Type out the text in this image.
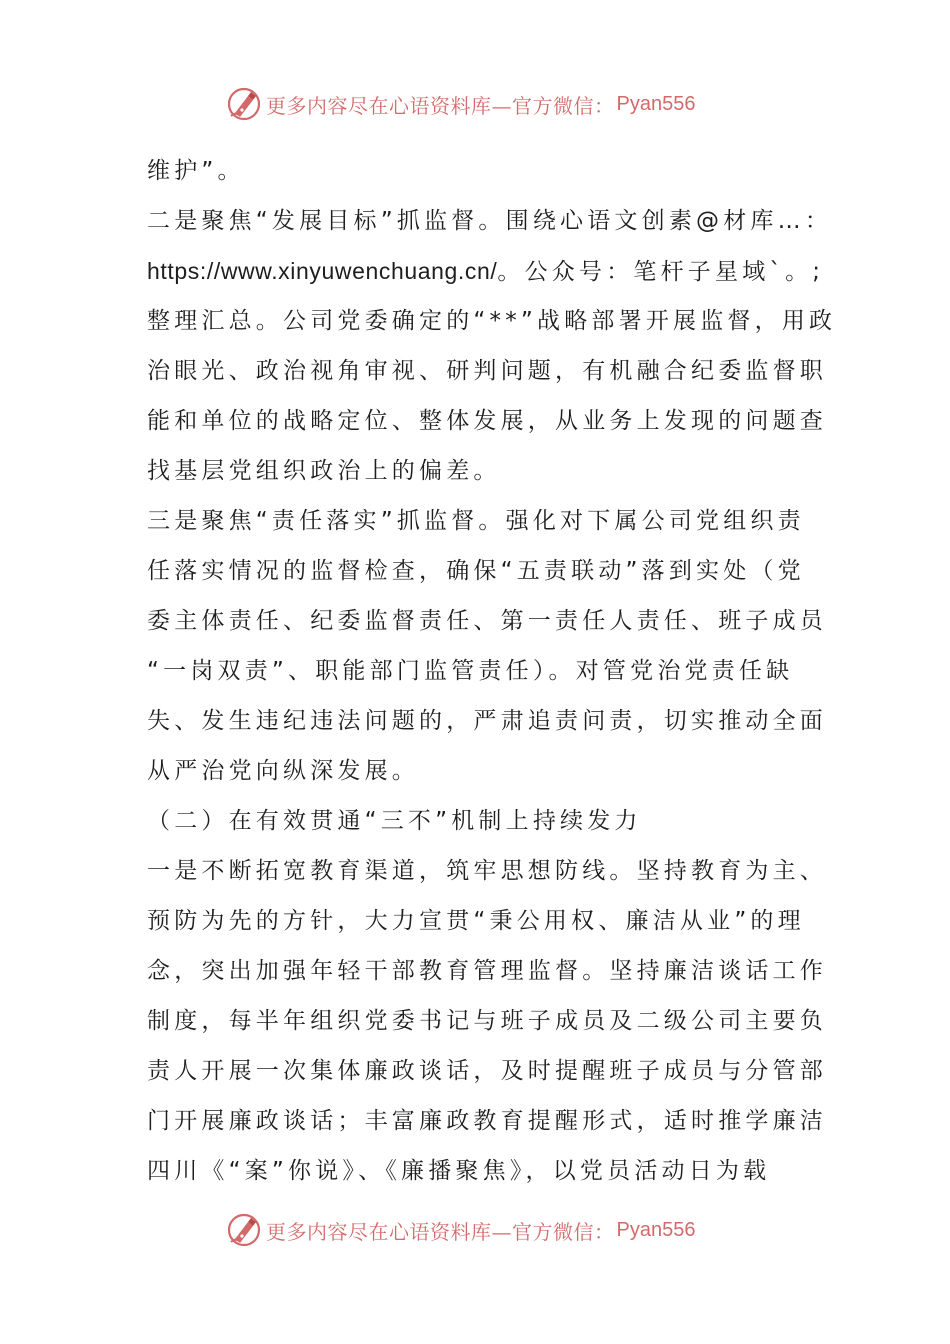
更多内容尽在心语资料库—官方微信： Pyan556
维护”。
二是聚焦“发展目标”抓监督。围绕心语文创素@材库…：
https://www.xinyuwenchuang.cn/。公众号：笔杆子星域`。;
整理汇总。公司党委确定的“**”战略部署开展监督，用政
治眼光、政治视角审视、研判问题，有机融合纪委监督职
能和单位的战略定位、整体发展，从业务上发现的问题查
找基层党组织政治上的偏差。
三是聚焦“责任落实”抓监督。强化对下属公司党组织责
任落实情况的监督检查，确保“五责联动”落到实处（党
委主体责任、纪委监督责任、第一责任人责任、班子成员
“一岗双责”、职能部门监管责任）。对管党治党责任缺
失、发生违纪违法问题的，严肃追责问责，切实推动全面
从严治党向纵深发展。
（二）在有效贯通“三不”机制上持续发力
一是不断拓宽教育渠道，筑牢思想防线。坚持教育为主、
预防为先的方针，大力宣贯“秉公用权、廉洁从业”的理
念，突出加强年轻干部教育管理监督。坚持廉洁谈话工作
制度，每半年组织党委书记与班子成员及二级公司主要负
责人开展一次集体廉政谈话，及时提醒班子成员与分管部
门开展廉政谈话；丰富廉政教育提醒形式，适时推学廉洁
四川《“案”你说》、《廉播聚焦》，以党员活动日为载
更多内容尽在心语资料库—官方微信： Pyan556
